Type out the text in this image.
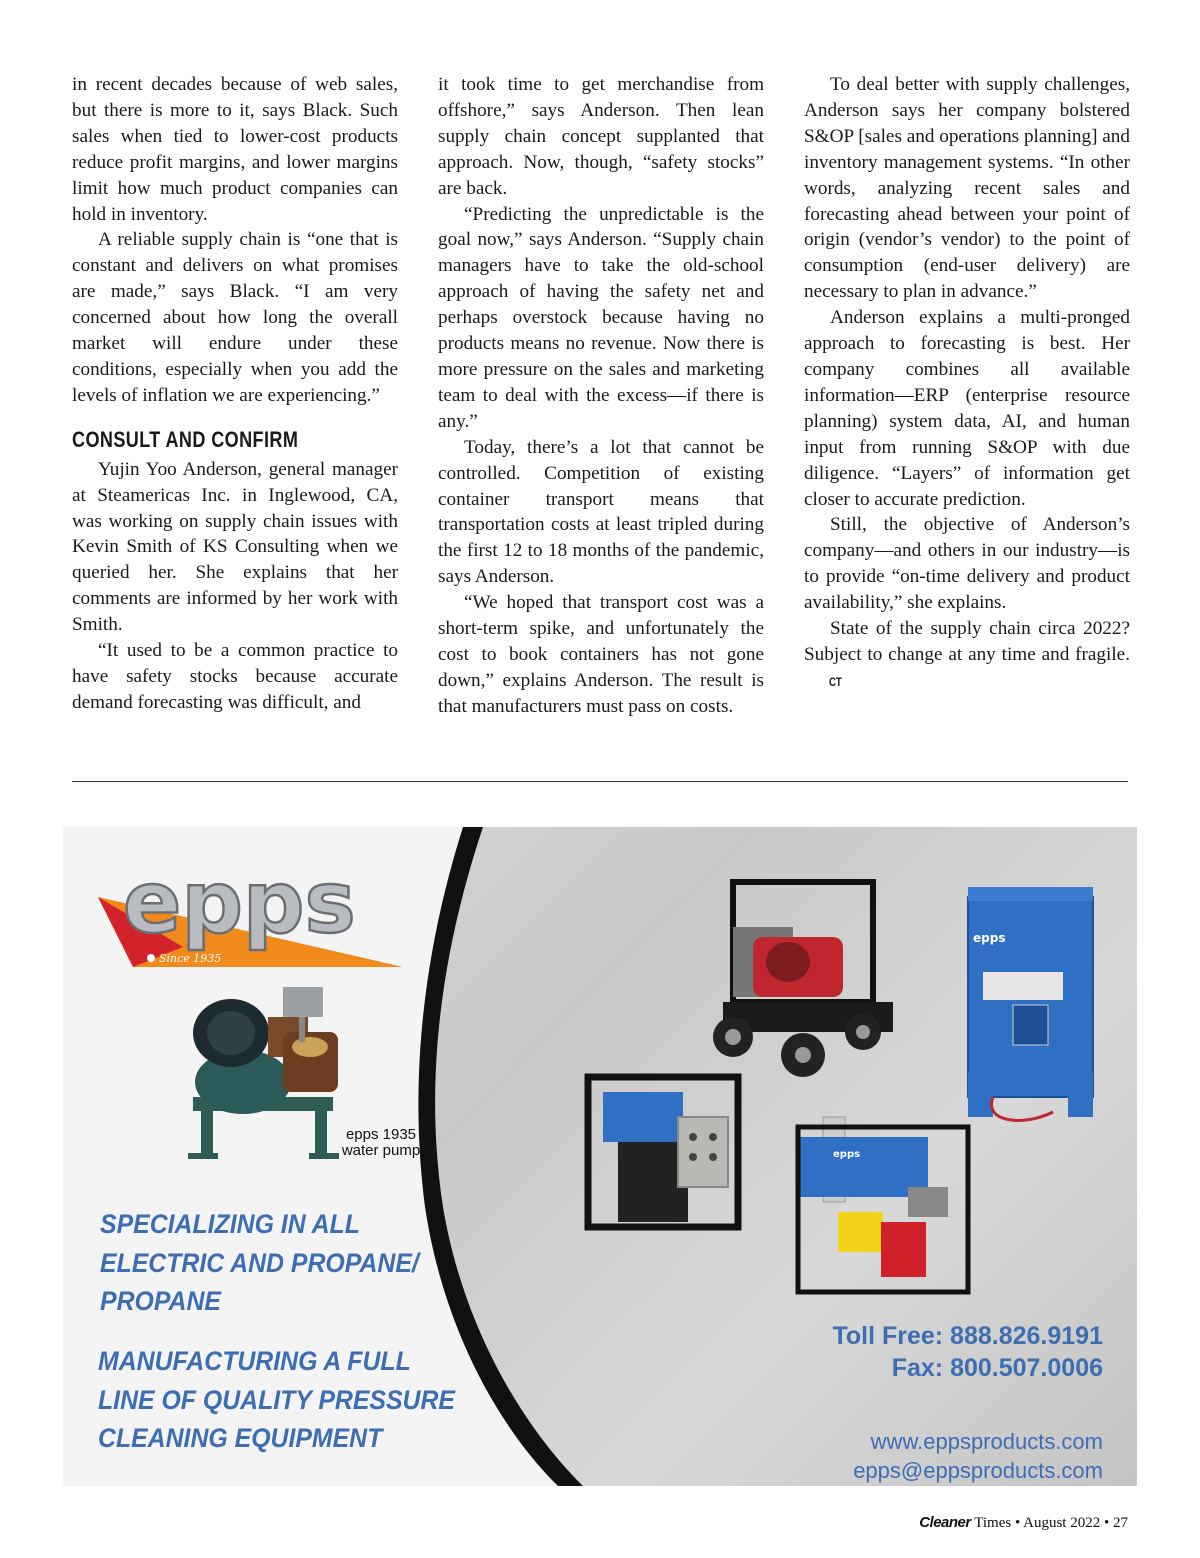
in recent decades because of web sales, but there is more to it, says Black. Such sales when tied to lower-cost products reduce profit margins, and lower margins limit how much product companies can hold in inventory.

A reliable supply chain is “one that is constant and delivers on what promises are made,” says Black. “I am very concerned about how long the overall market will endure under these conditions, especially when you add the levels of inflation we are experiencing.”

CONSULT AND CONFIRM

Yujin Yoo Anderson, general manager at Steamericas Inc. in Inglewood, CA, was working on supply chain issues with Kevin Smith of KS Consulting when we queried her. She explains that her comments are informed by her work with Smith.

“It used to be a common practice to have safety stocks because accurate demand forecasting was difficult, and

it took time to get merchandise from offshore,” says Anderson. Then lean supply chain concept supplanted that approach. Now, though, “safety stocks” are back.

“Predicting the unpredictable is the goal now,” says Anderson. “Supply chain managers have to take the old-school approach of having the safety net and perhaps overstock because having no products means no revenue. Now there is more pressure on the sales and marketing team to deal with the excess—if there is any.”

Today, there’s a lot that cannot be controlled. Competition of existing container transport means that transportation costs at least tripled during the first 12 to 18 months of the pandemic, says Anderson.

“We hoped that transport cost was a short-term spike, and unfortunately the cost to book containers has not gone down,” explains Anderson. The result is that manufacturers must pass on costs.

To deal better with supply challenges, Anderson says her company bolstered S&OP [sales and operations planning] and inventory management systems. “In other words, analyzing recent sales and forecasting ahead between your point of origin (vendor’s vendor) to the point of consumption (end-user delivery) are necessary to plan in advance.”

Anderson explains a multi-pronged approach to forecasting is best. Her company combines all available information—ERP (enterprise resource planning) system data, AI, and human input from running S&OP with due diligence. “Layers” of information get closer to accurate prediction.

Still, the objective of Anderson’s company—and others in our industry—is to provide “on-time delivery and product availability,” she explains.

State of the supply chain circa 2022? Subject to change at any time and fragile. CT

epps
Since 1935
epps
epps
epps 1935
water pump
SPECIALIZING IN ALL
ELECTRIC AND PROPANE/
PROPANE
MANUFACTURING A FULL
LINE OF QUALITY PRESSURE
CLEANING EQUIPMENT
Toll Free: 888.826.9191
Fax: 800.507.0006
www.eppsproducts.com
epps@eppsproducts.com
Cleaner Times • August 2022 • 27
